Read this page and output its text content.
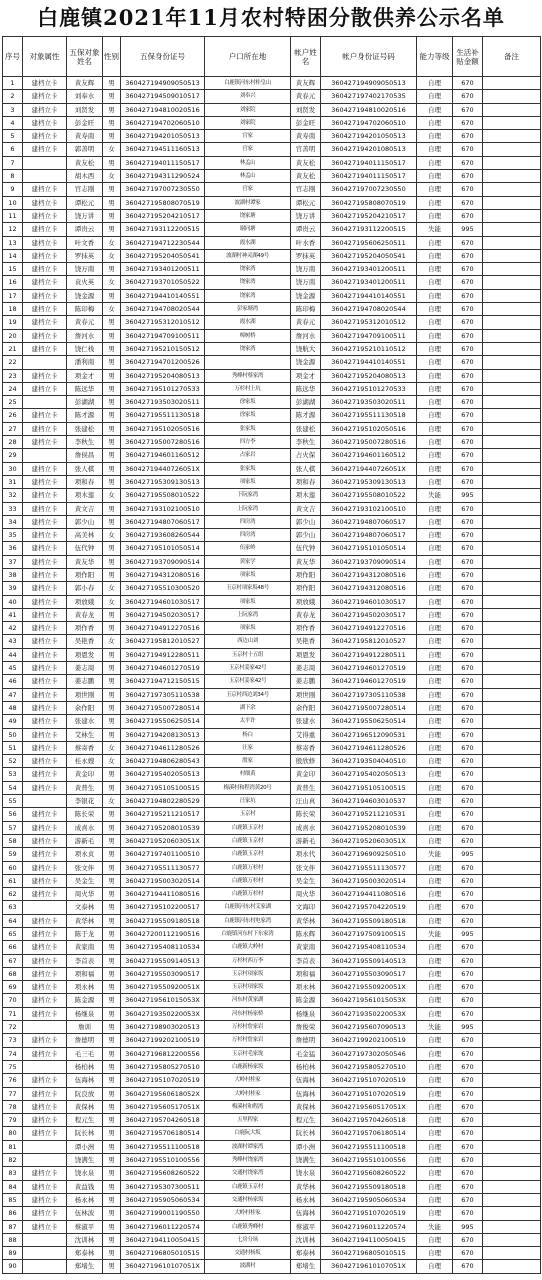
白鹿镇2021年11月农村特困分散供养公示名单
序号	对象属性	五保对象姓名	性别	五保身份证号	户口所在地	帐户姓名	帐户身份证号码	能力等级	生活补贴金额	备注
1	建档立卡	黄友辉	男	360427194909050513	白鹿镇河东村桂皇山	黄友辉	360427194909050513	自理	670	
2	建档立卡	刘奉水	男	360427194509010517	刘奉兴	黄春元	360427197402170535	自理	670	
3	建档立卡	刘贤发	男	360427194810020516	刘家院	刘贤发	360427194810020516	自理	670	
4	建档立卡	彭金旺	男	360427194702060510	刘家院	彭金旺	360427194702060510	自理	670	
5	建档立卡	黄寿南	男	360427194201050513	官家	黄寿南	360427194201050513	自理	670	
6	建档立卡	郭善明	女	360427194511160513	官家	官善明	360427194201080513	自理	670	
7		黄友松	男	360427194011150517	林孟山	黄友松	360427194011150517	自理	670	
8		胡木西	女	360427194311290524	林孟山	黄友松	360427194011150517	自理	670	
9	建档立卡	官志刚	男	360427197007230550	官家	官志刚	360427197007230550	自理	670	
10	建档立卡	谭松元	男	360427195808070519	波湖村谭家	谭松元	360427195808070519	自理	670	
11	建档立卡	饶万讲	男	360427195204210517	饶家塘	饶万讲	360427195204210517	自理	670	
12	建档立卡	谭贵云	男	360427193112200515	谢同塘	谭贵云	360427193112200515	失能	995	
13	建档立卡	叶文香	女	360427194712230544	霞水湖	叶水香	360427195606250511	自理	670	
14	建档立卡	罗抹英	女	360427195204050541	波湖村神灵湖49号	罗抹英	360427195204050541	自理	670	
15	建档立卡	饶万南	男	360427193401200511	饶家湾	饶万南	360427193401200511	自理	670	
16	建档立卡	袁火英	女	360427193701050522	饶家湾	饶万南	360427193401200511	自理	670	
17	建档立卡	饶金源	男	360427194410140551	饶家湾	饶金源	360427194410140551	自理	670	
18	建档立卡	陈印梅	女	360427194708020544	彭家塘湾	陈印梅	360427194708020544	自理	670	
19	建档立卡	黄春元	男	360427195312010512	霞水湖	黄春元	360427195312010512	自理	670	
20	建档立卡	詹河水	男	360427194709100511	樟树桥	詹河水	360427194709100511	自理	670	
21	建档立卡	饶仁栈	男	360427195210150512	饶家湾	饶航大	360427195210110512	自理	670	
22		潘利南	男	360427194701200526		饶金源	360427194410140551	自理	670	
23	建档立卡	项金才	男	360427195204080513	秀峰村蔡家湾	项金才	360427195204080513	自理	670	
24	建档立卡	陈远华	男	360427195101270533	万杉村上坑	陈远华	360427195101270533	自理	670	
25		彭湖湖	男	360427193503020511	徐家坂	彭湖湖	360427193503020511	自理	670	
26	建档立卡	陈才源	男	360427195511130518	徐家坂	陈才源	360427195511130518	自理	670	
27	建档立卡	张建松	男	360427195102050516	张家坂	张建松	360427195102050516	自理	670	
28	建档立卡	李秋生	男	360427195007280516	四方李	李秋生	360427195007280516	自理	670	
29		詹侯昌	男	360427194601160512	占家岩	占火保	360427194601160512	自理	670	
30	建档立卡	张人棋	男	36042719440726051X	张家坂	张人棋	36042719440726051X	自理	670	
31	建档立卡	项和春	男	360427195309130513	项家坂	项和春	360427195309130513	自理	670	
32	建档立卡	项木莲	女	360427195508010522	下阮家湾	项木莲	360427195508010522	失能	995	
33	建档立卡	黄文吉	男	360427193102100510	上阮家湾	黄文吉	360427193102100510	自理	670	
34	建档立卡	郭少山	男	360427194807060517	四房湾	郭少山	360427194807060517	自理	670	
35	建档立卡	高美林	女	360427193608260544	四房湾	郭少山	360427194807060517	自理	670	
36	建档立卡	伍代钟	男	360427195101050514	伍家岭	伍代钟	360427195101050514	自理	670	
37	建档立卡	黄友华	男	360427193709090514	黄家学	黄友华	360427193709090514	自理	670	
38	建档立卡	项作阳	男	360427194312080516	项家坂	项作阳	360427194312080516	自理	670	
39	建档立卡	郭小春	女	360427195510300520	玉京村项家坂48号	项作阳	360427194312080516	自理	670	
40	建档立卡	项放娥	女	360427194601030517	项家坂	项放娥	360427194601030517	自理	670	
41	建档立卡	黄春龙	男	360427194502030517	上阮家湾	黄春龙	360427194502030517	自理	670	
42	建档立卡	项作香	男	360427194912270516	项家坂	项作香	360427194912270516	自理	670	
43	建档立卡	吴艳香	女	360427195812010527	西边山刘	吴艳香	360427195812010527	自理	670	
44	建档立卡	项恩发	男	360427194912280511	玉京村十五组	项恩发	360427194912280511	自理	670	
45	建档立卡	姜志周	男	360427194601270519	玉京村姜家42号	姜志周	360427194601270519	自理	670	
46	建档立卡	姜志鹏	男	360427194712150515	玉京村姜家42号	姜志鹏	360427194601270519	自理	670	
47	建档立卡	项世刚	男	360427197305110538	玉京村西边刘34号	项世刚	360427197305110538	自理	670	
48	建档立卡	余作阳	男	360427195007280514	湖下余	余作阳	360427195007280514	自理	670	
49	建档立卡	张建水	男	360427195506250514	太平许	张建水	360427195506250514	自理	670	
50	建档立卡	艾林生	男	360427194208130513	杨白	艾得重	360427196512090531	自理	670	
51	建档立卡	蔡寄香	女	360427194611280526	汪家	蔡寄香	360427194611280526	自理	670	
52	建档立卡	桂永嫂	女	360427194806280543	殷家	殷欣修	360427193504040510	自理	670	
53	建档立卡	黄金印	男	360427195402050513	村细黄	黄金印	360427195402050513	自理	670	
54	建档立卡	黄普生	男	360427195105100515	梅溪村和程湾黄20号	黄普生	360427195105100515	自理	670	
55		李银花	女	360427194802280529	汪家坑	汪山真	360427194603010537	自理	670	
56	建档立卡	陈长荣	男	360427195211210517	玉京村	陈长荣	360427195211210531	自理	670	
57	建档立卡	成喜水	男	360427195208010539	白鹿镇玉京村	成喜水	360427195208010539	自理	670	
58	建档立卡	游新毛	男	36042719520603051X	白鹿镇玉京村	游新毛	36042719520603051X	自理	670	
59	建档立卡	项永贞	男	360427197401100510	白鹿镇玉京村	项永代	360427196909250510	失能	995	
60	建档立卡	张文伴	男	360427195511130577	白鹿镇万杉村	张文伴	360427195511130577	自理	670	
61	建档立卡	吴金生	男	360427195003020514	白鹿镇万杉村	吴金生	360427195003020514	自理	670	
62	建档立卡	周火华	男	360427194411080516	白鹿镇万杉村	周火华	360427194411080516	自理	670	
63		文泰林	男	360427195102200517	白鹿镇河东村艾家湖	文海印	360427195704220519	自理	670	
64	建档立卡	黄华林	男	360427195509180518	白鹿镇河东村电家湾	黄华林	360427195509180518	自理	670	
65	建档立卡	陈于龙	男	360427200112190516	白鹿镇河东村下东家湾	陈永辉	360427197509100515	失能	995	
66	建档立卡	黄家南	男	360427195408110534	白鹿镇大岭村	黄家南	360427195408110534	自理	670	
67	建档立卡	李首表	男	360427195509140513	万杉村西万李	李首表	360427195509140513	自理	670	
68	建档立卡	项和福	男	360427195503090517	玉京村项家坂	项和福	360427195503090517	自理	670	
69	建档立卡	项永林	男	36042719550920051X	玉京村项家坂	项永林	36042719550920051X	自理	670	
70	建档立卡	陈金源	男	36042719561015053X	河东村黄家湖	陈金源	36042719561015053X	自理	670	
71	建档立卡	杨继泉	男	36042719350220053X	河东村杨家桥	杨继泉	36042719350220053X	自理	670	
72		詹训	男	360427198903020513	万杉村詹家岩	詹俊荣	360427195607090513	失能	995	
73	建档立卡	詹德明	男	360427199202100519	万杉村詹家岩	詹德明	360427199202100519	自理	670	
74	建档立卡	毛三毛	男	360427196812200556	玉京村毛家垅	毛金猛	360427197302050546	自理	670	
75		杨柏林	男	360427195805270510	白鹿新杨家坂	杨柏林	360427195805270510	自理	670	
76	建档立卡	伍海林	男	360427195107020519	大岭村桂家	伍海林	360427195107020519	自理	670	
77	建档立卡	阮良放	男	36042719560618052X	大岭村桂家	伍海林	360427195107020519	自理	670	
78	建档立卡	黄保林	男	36042719560517051X	梅溪村和程湾	黄保林	36042719560517051X	自理	670	
79	建档立卡	程元生	男	360427195704260518	五里程家	程元生	360427195704260518	自理	670	
80	建档立卡	阮长林	男	360427195706180514	白鹿阮大坂	阮长林	360427195706180514	自理	670	
81		谭小洲	男	360427195511100518	波湖村谭家湾	谭小洲	360427195511100518	自理	670	
82		饶满生	男	360427195510100556	秀峰村饶家湾	饶满生	360427195510100556	自理	670	
83	建档立卡	饶水泉	男	360427195608260522	交通村饶家湾	饶水泉	360427195608260522	自理	670	
84	建档立卡	黄益钱	男	360427195307300511	白鹿镇玉京村	黄华林	360427195509180518	自理	670	
85	建档立卡	杨永林	男	360427195905060534	交通村杨家坂	杨永林	360427195905060534	自理	670	
86	建档立卡	伍林波	男	360427199001190550	大岭村桂家	伍海林	360427195107020519	自理	670	
87	建档立卡	蔡淑平	男	360427196011220574	白鹿镇秀峰村	蔡淑平	360427196011220574	失能	995	
88		沈训林	男	360427194110050415	七房分场	沈训林	360427194110050415	自理	670	
89		郑泰林	男	360427196805010515	交通村杨坂	郑泰林	360427196805010515	自理	670	
90		郑堵生	男	36042719610107051X	波湖村	郑堵生	36042719610107051X	自理	670	
